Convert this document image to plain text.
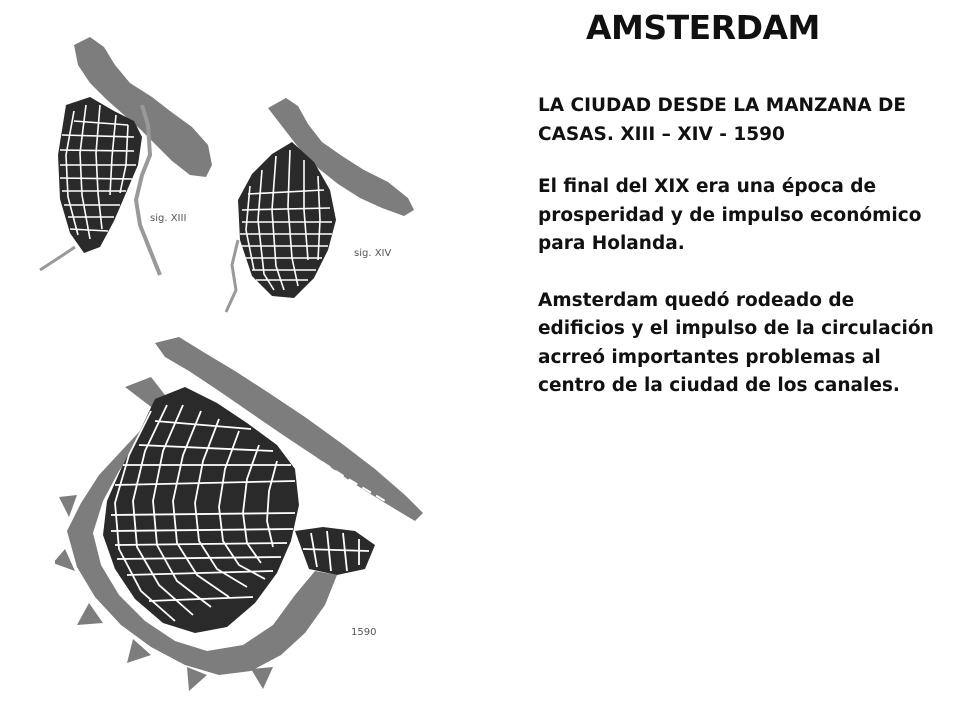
AMSTERDAM

LA CIUDAD DESDE LA MANZANA DE CASAS. XIII – XIV - 1590

El final del XIX era una época de prosperidad y de impulso económico para Holanda.

Amsterdam quedó rodeado de edificios y el impulso de la circulación acrreó importantes problemas al centro de la ciudad de los canales.

sig. XIII
sig. XIV
1590
